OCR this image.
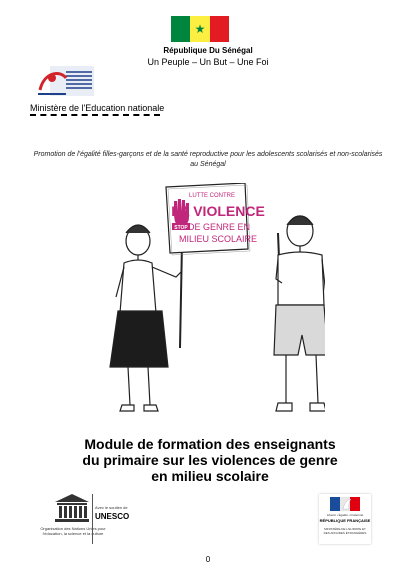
★
République Du Sénégal
Un Peuple – Un But – Une Foi
Ministère de l'Education nationale
Promotion de l'égalité filles-garçons et de la santé reproductive pour les adolescents scolarisés et non-scolarisés au Sénégal
STOP
LUTTE CONTRE
LA VIOLENCE
DE GENRE EN
MILIEU SCOLAIRE
Module de formation des enseignants du primaire sur les violences de genre en milieu scolaire
Organisation des Nations Unies pour l'éducation, la science et la culture
Avec le soutien de
UNESCO	Liberté • Égalité • Fraternité
RÉPUBLIQUE FRANÇAISE
MINISTÈRE DE L'EUROPE ET DES AFFAIRES ÉTRANGÈRES
0
